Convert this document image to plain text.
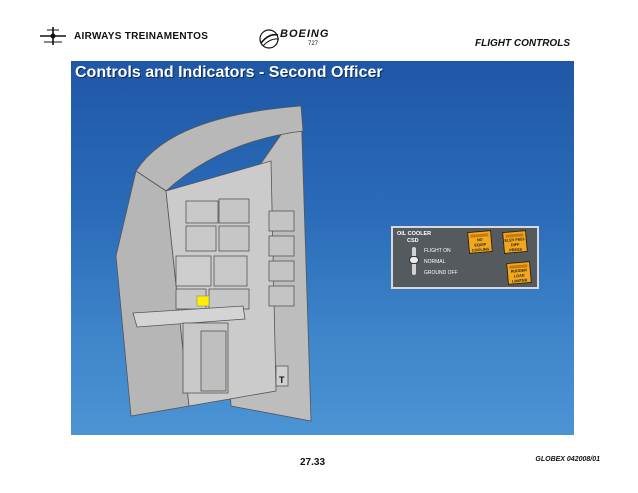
AIRWAYS TREINAMENTOS	BOEING
727	FLIGHT CONTROLS
Controls and Indicators - Second Officer
T
OIL COOLER
CSD
FLIGHT ON
NORMAL
GROUND OFF
NO
EQUIP
COOLING
ELEV FEEL
DIFF
PRESS
RUDDER
LOAD
LIMITER
27.33	GLOBEX 042008/01
